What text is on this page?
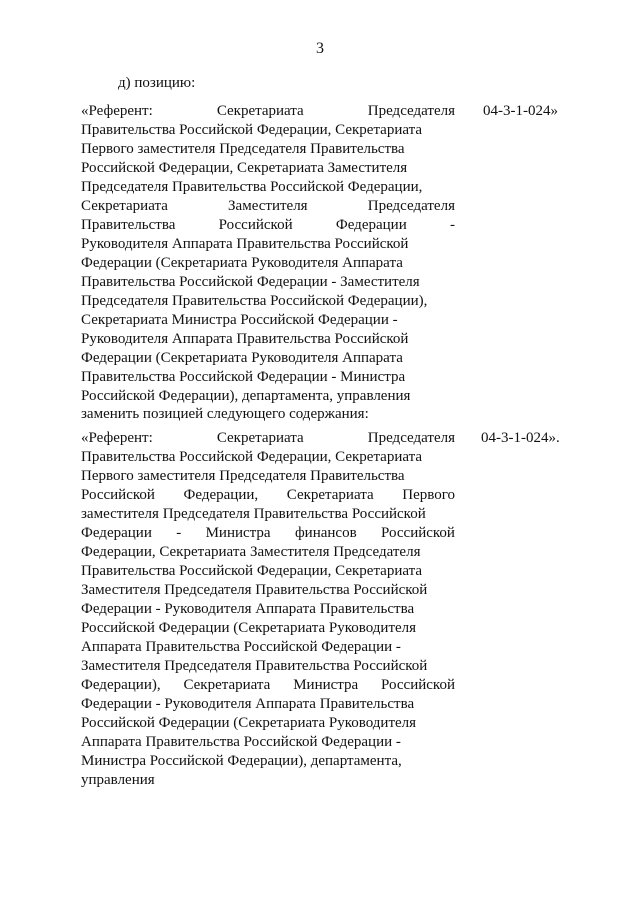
3
д) позицию:
«Референт:	Секретариата	Председателя
Правительства Российской Федерации, Секретариата
Первого заместителя Председателя Правительства
Российской Федерации, Секретариата Заместителя
Председателя Правительства Российской Федерации,
Секретариата	Заместителя	Председателя
Правительства	Российской	Федерации	-
Руководителя Аппарата Правительства Российской
Федерации (Секретариата Руководителя Аппарата
Правительства Российской Федерации - Заместителя
Председателя Правительства Российской Федерации),
Секретариата Министра Российской Федерации -
Руководителя Аппарата Правительства Российской
Федерации (Секретариата Руководителя Аппарата
Правительства Российской Федерации - Министра
Российской Федерации), департамента, управления
04-3-1-024»
заменить позицией следующего содержания:
«Референт:	Секретариата	Председателя
Правительства Российской Федерации, Секретариата
Первого заместителя Председателя Правительства
Российской Федерации, Секретариата Первого
заместителя Председателя Правительства Российской
Федерации - Министра финансов Российской
Федерации, Секретариата Заместителя Председателя
Правительства Российской Федерации, Секретариата
Заместителя Председателя Правительства Российской
Федерации - Руководителя Аппарата Правительства
Российской Федерации (Секретариата Руководителя
Аппарата Правительства Российской Федерации -
Заместителя Председателя Правительства Российской
Федерации), Секретариата Министра Российской
Федерации - Руководителя Аппарата Правительства
Российской Федерации (Секретариата Руководителя
Аппарата Правительства Российской Федерации -
Министра Российской Федерации), департамента,
управления
04-3-1-024».
